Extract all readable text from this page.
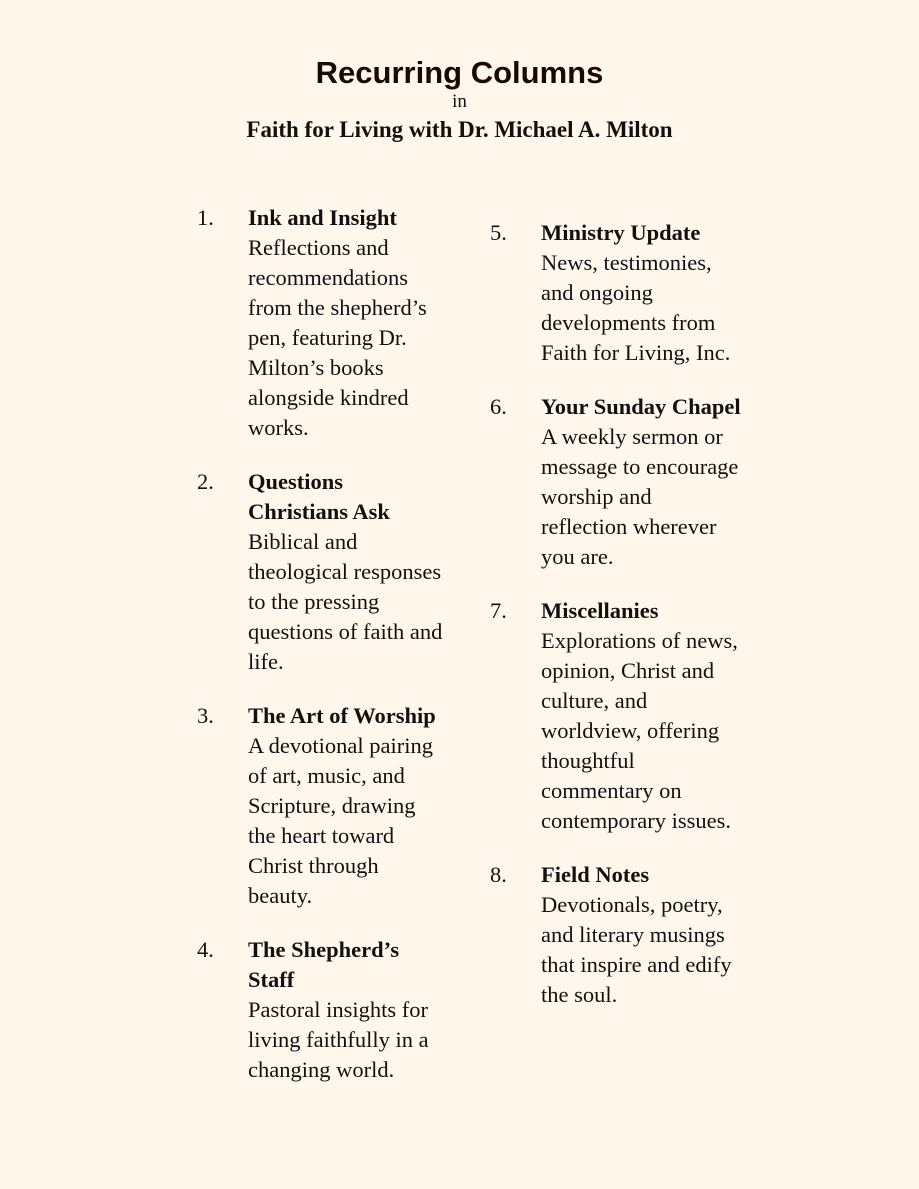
Recurring Columns

in

Faith for Living with Dr. Michael A. Milton

1. Ink and Insight
Reflections and recommendations from the shepherd’s pen, featuring Dr. Milton’s books alongside kindred works.
2. Questions Christians Ask
Biblical and theological responses to the pressing questions of faith and life.
3. The Art of Worship
A devotional pairing of art, music, and Scripture, drawing the heart toward Christ through beauty.
4. The Shepherd’s Staff
Pastoral insights for living faithfully in a changing world.
5. Ministry Update
News, testimonies, and ongoing developments from Faith for Living, Inc.
6. Your Sunday Chapel
A weekly sermon or message to encourage worship and reflection wherever you are.
7. Miscellanies
Explorations of news, opinion, Christ and culture, and worldview, offering thoughtful commentary on contemporary issues.
8. Field Notes
Devotionals, poetry, and literary musings that inspire and edify the soul.
